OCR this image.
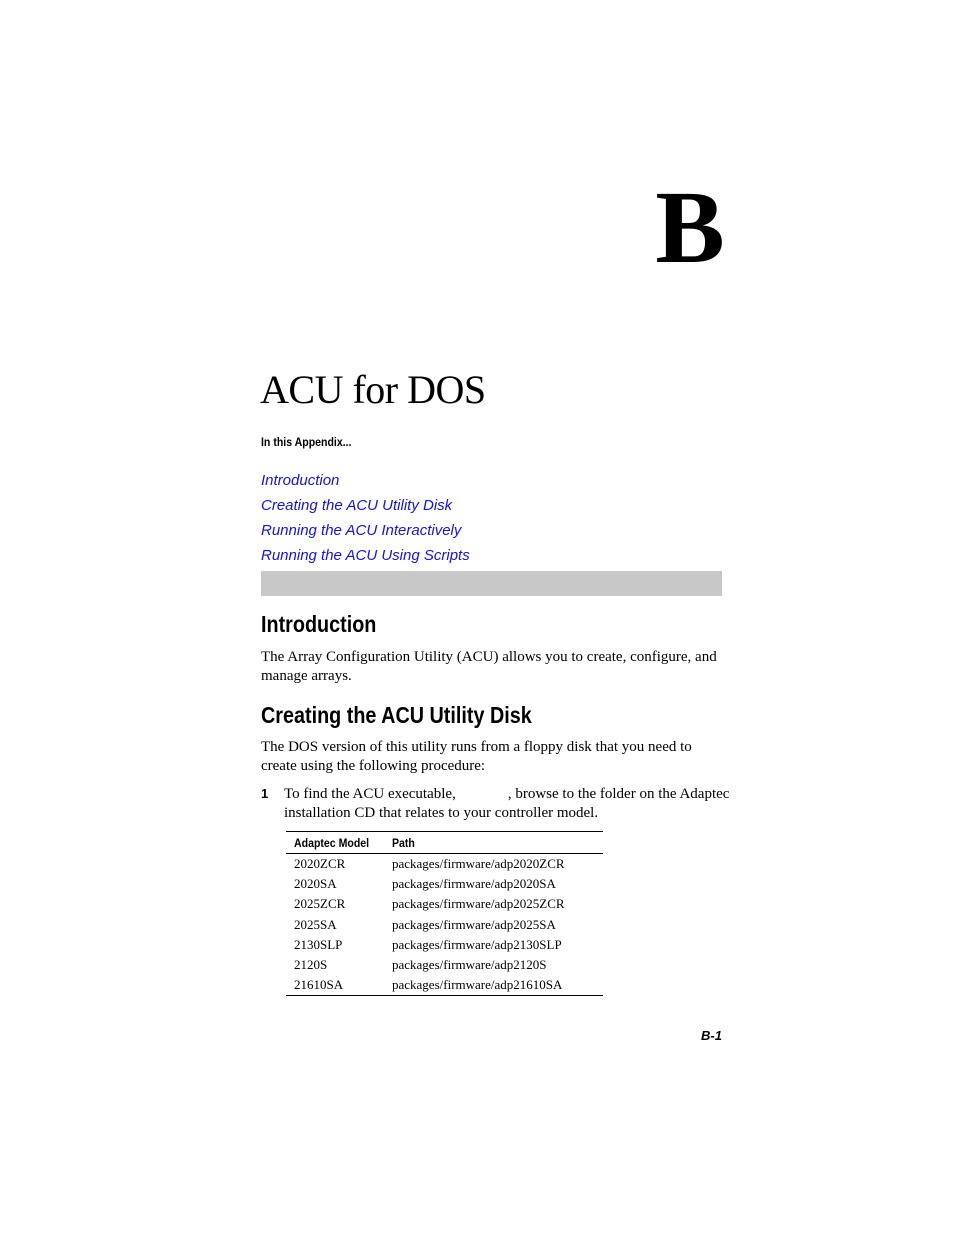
B
ACU for DOS
In this Appendix...
Introduction
Creating the ACU Utility Disk
Running the ACU Interactively
Running the ACU Using Scripts
Introduction

The Array Configuration Utility (ACU) allows you to create, configure, and manage arrays.

Creating the ACU Utility Disk

The DOS version of this utility runs from a floppy disk that you need to create using the following procedure:

1 To find the ACU executable,	, browse to the folder on the Adaptec installation CD that relates to your controller model.
Adaptec Model	Path
2020ZCR	packages/firmware/adp2020ZCR
2020SA	packages/firmware/adp2020SA
2025ZCR	packages/firmware/adp2025ZCR
2025SA	packages/firmware/adp2025SA
2130SLP	packages/firmware/adp2130SLP
2120S	packages/firmware/adp2120S
21610SA	packages/firmware/adp21610SA
B-1
